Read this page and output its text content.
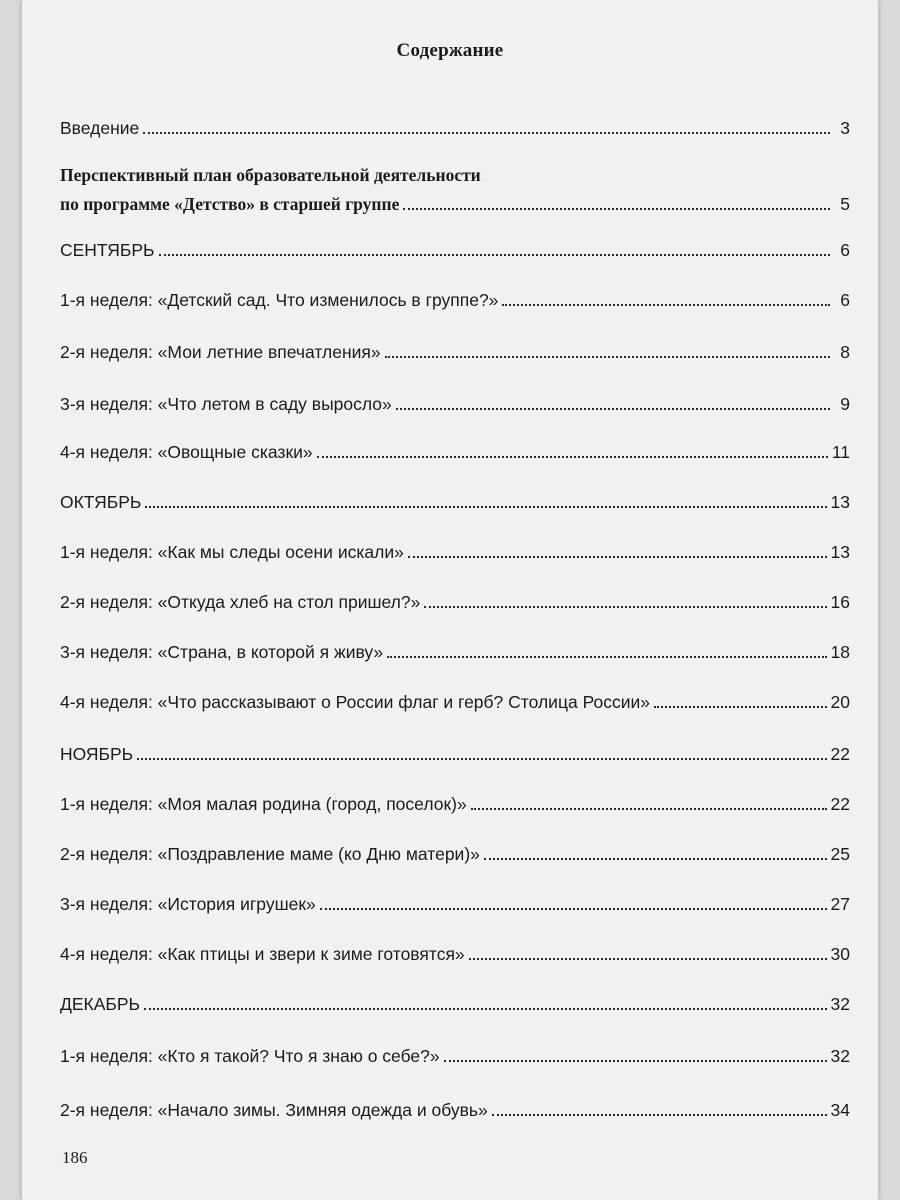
Содержание
Введение	3
Перспективный план образовательной деятельности
по программе «Детство» в старшей группе	5
СЕНТЯБРЬ	6
1-я неделя: «Детский сад. Что изменилось в группе?»	6
2-я неделя: «Мои летние впечатления»	8
3-я неделя: «Что летом в саду выросло»	9
4-я неделя: «Овощные сказки»	11
ОКТЯБРЬ	13
1-я неделя: «Как мы следы осени искали»	13
2-я неделя: «Откуда хлеб на стол пришел?»	16
3-я неделя: «Страна, в которой я живу»	18
4-я неделя: «Что рассказывают о России флаг и герб? Столица России»	20
НОЯБРЬ	22
1-я неделя: «Моя малая родина (город, поселок)»	22
2-я неделя: «Поздравление маме (ко Дню матери)»	25
3-я неделя: «История игрушек»	27
4-я неделя: «Как птицы и звери к зиме готовятся»	30
ДЕКАБРЬ	32
1-я неделя: «Кто я такой? Что я знаю о себе?»	32
2-я неделя: «Начало зимы. Зимняя одежда и обувь»	34
186
